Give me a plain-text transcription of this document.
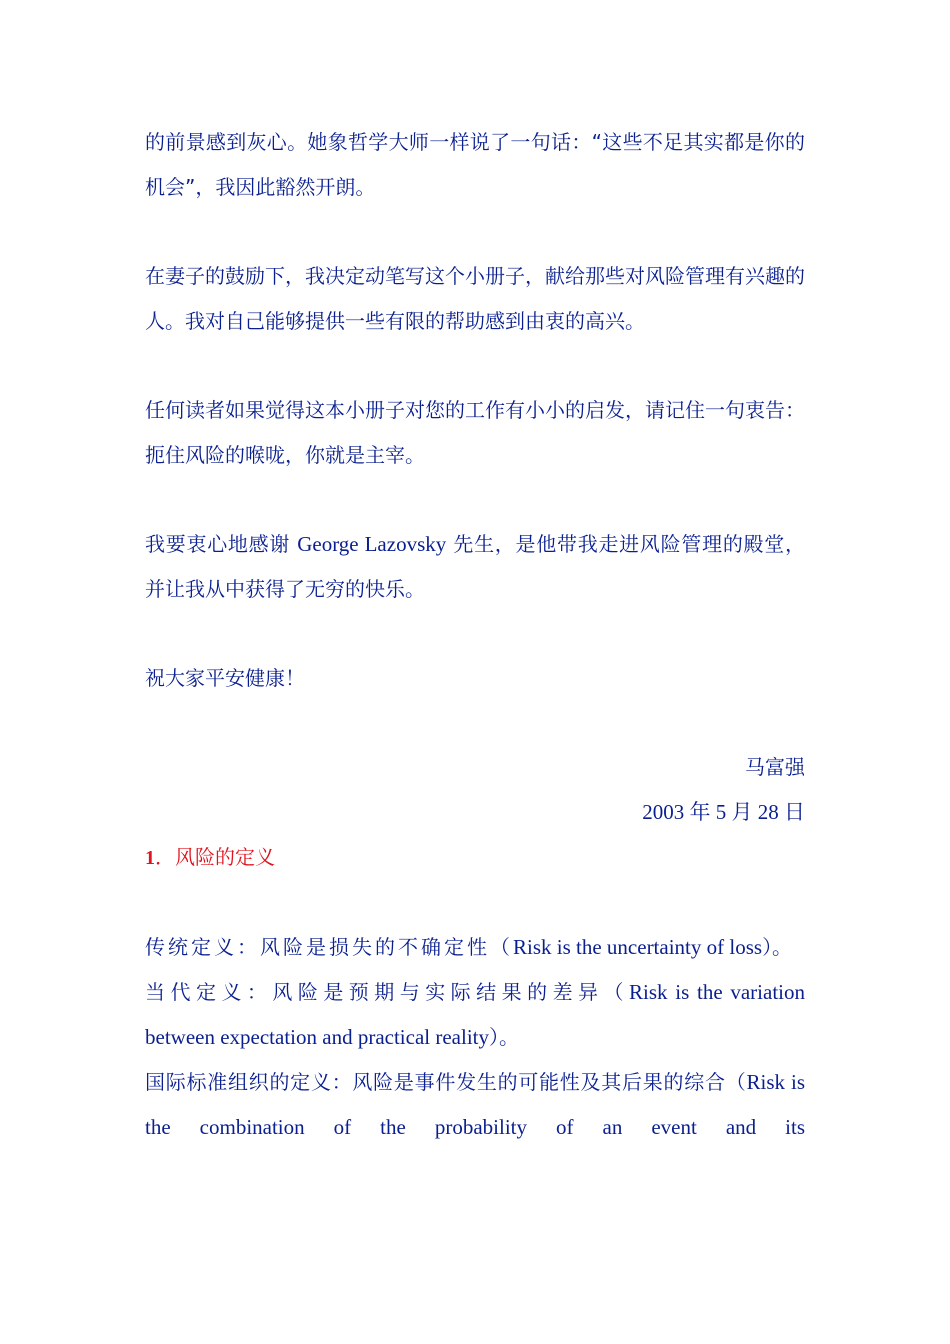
的前景感到灰心。她象哲学大师一样说了一句话：“这些不足其实都是你的机会”，我因此豁然开朗。

在妻子的鼓励下，我决定动笔写这个小册子，献给那些对风险管理有兴趣的人。我对自己能够提供一些有限的帮助感到由衷的高兴。

任何读者如果觉得这本小册子对您的工作有小小的启发，请记住一句衷告：扼住风险的喉咙，你就是主宰。

我要衷心地感谢 George Lazovsky 先生，是他带我走进风险管理的殿堂，并让我从中获得了无穷的快乐。

祝大家平安健康！

马富强

2003 年 5 月 28 日

1．风险的定义

传统定义：风险是损失的不确定性（Risk is the uncertainty of loss）。

当代定义：风险是预期与实际结果的差异（Risk is the variation between expectation and practical reality）。

国际标准组织的定义：风险是事件发生的可能性及其后果的综合（Risk is the combination of the probability of an event and its
